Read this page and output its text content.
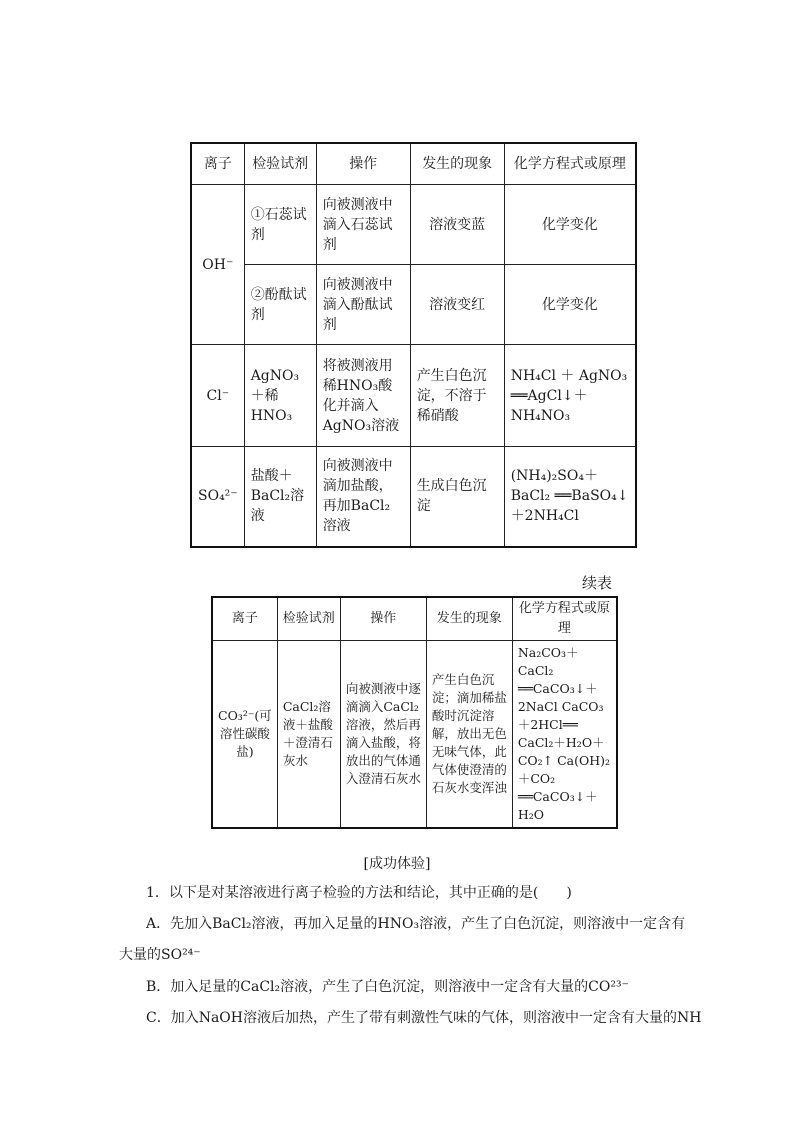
离子	检验试剂	操作	发生的现象	化学方程式或原理
OH⁻	①石蕊试剂	向被测液中滴入石蕊试剂	溶液变蓝	化学变化
	②酚酞试剂	向被测液中滴入酚酞试剂	溶液变红	化学变化
Cl⁻	AgNO₃＋稀HNO₃	将被测液用稀HNO₃酸化并滴入AgNO₃溶液	产生白色沉淀，不溶于稀硝酸	NH₄Cl ＋ AgNO₃ ══AgCl↓＋ NH₄NO₃
SO₄²⁻	盐酸＋BaCl₂溶液	向被测液中滴加盐酸，再加BaCl₂溶液	生成白色沉淀	(NH₄)₂SO₄＋ BaCl₂ ══BaSO₄↓ ＋2NH₄Cl
续表
离子	检验试剂	操作	发生的现象	化学方程式或原理
CO₃²⁻(可溶性碳酸盐)	CaCl₂溶液＋盐酸＋澄清石灰水	向被测液中逐滴滴入CaCl₂溶液，然后再滴入盐酸，将放出的气体通入澄清石灰水	产生白色沉淀；滴加稀盐酸时沉淀溶解，放出无色无味气体，此气体使澄清的石灰水变浑浊	Na₂CO₃＋CaCl₂ ══CaCO₃↓＋ 2NaCl CaCO₃＋2HCl══ CaCl₂＋H₂O＋CO₂↑ Ca(OH)₂＋CO₂ ══CaCO₃↓＋ H₂O
[成功体验]
1．以下是对某溶液进行离子检验的方法和结论，其中正确的是(　　)
A．先加入BaCl₂溶液，再加入足量的HNO₃溶液，产生了白色沉淀，则溶液中一定含有
大量的SO²⁴⁻
B．加入足量的CaCl₂溶液，产生了白色沉淀，则溶液中一定含有大量的CO²³⁻
C．加入NaOH溶液后加热，产生了带有刺激性气味的气体，则溶液中一定含有大量的NH
